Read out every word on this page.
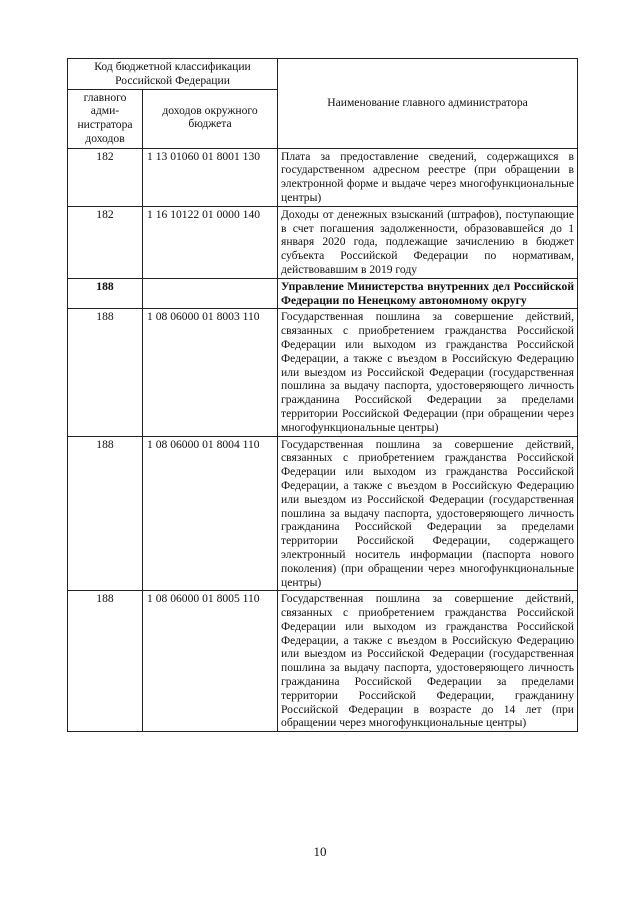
Код бюджетной классификации Российской Федерации		Наименование главного администратора
главного адми-нистратора доходов	доходов окружного бюджета	
182	1 13 01060 01 8001 130	Плата за предоставление сведений, содержащихся в государственном адресном реестре (при обращении в электронной форме и выдаче через многофункциональные центры)
182	1 16 10122 01 0000 140	Доходы от денежных взысканий (штрафов), поступающие в счет погашения задолженности, образовавшейся до 1 января 2020 года, подлежащие зачислению в бюджет субъекта Российской Федерации по нормативам, действовавшим в 2019 году
188		Управление Министерства внутренних дел Российской Федерации по Ненецкому автономному округу
188	1 08 06000 01 8003 110	Государственная пошлина за совершение действий, связанных с приобретением гражданства Российской Федерации или выходом из гражданства Российской Федерации, а также с въездом в Российскую Федерацию или выездом из Российской Федерации (государственная пошлина за выдачу паспорта, удостоверяющего личность гражданина Российской Федерации за пределами территории Российской Федерации (при обращении через многофункциональные центры)
188	1 08 06000 01 8004 110	Государственная пошлина за совершение действий, связанных с приобретением гражданства Российской Федерации или выходом из гражданства Российской Федерации, а также с въездом в Российскую Федерацию или выездом из Российской Федерации (государственная пошлина за выдачу паспорта, удостоверяющего личность гражданина Российской Федерации за пределами территории Российской Федерации, содержащего электронный носитель информации (паспорта нового поколения) (при обращении через многофункциональные центры)
188	1 08 06000 01 8005 110	Государственная пошлина за совершение действий, связанных с приобретением гражданства Российской Федерации или выходом из гражданства Российской Федерации, а также с въездом в Российскую Федерацию или выездом из Российской Федерации (государственная пошлина за выдачу паспорта, удостоверяющего личность гражданина Российской Федерации за пределами территории Российской Федерации, гражданину Российской Федерации в возрасте до 14 лет (при обращении через многофункциональные центры)
10
